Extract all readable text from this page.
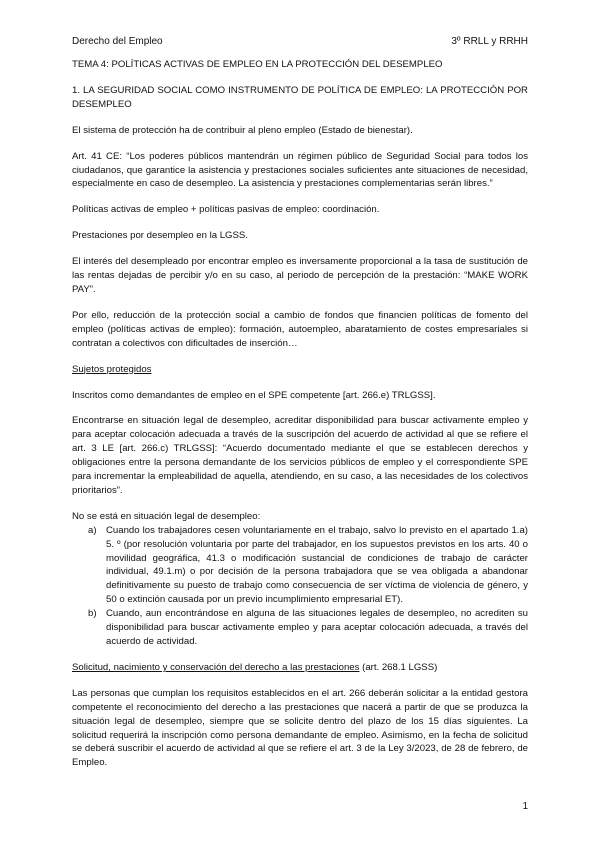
Derecho del Empleo	3º RRLL y RRHH

TEMA 4: POLÍTICAS ACTIVAS DE EMPLEO EN LA PROTECCIÓN DEL DESEMPLEO

1. LA SEGURIDAD SOCIAL COMO INSTRUMENTO DE POLÍTICA DE EMPLEO: LA PROTECCIÓN POR DESEMPLEO

El sistema de protección ha de contribuir al pleno empleo (Estado de bienestar).

Art. 41 CE: “Los poderes públicos mantendrán un régimen público de Seguridad Social para todos los ciudadanos, que garantice la asistencia y prestaciones sociales suficientes ante situaciones de necesidad, especialmente en caso de desempleo. La asistencia y prestaciones complementarias serán libres.”

Políticas activas de empleo + políticas pasivas de empleo: coordinación.

Prestaciones por desempleo en la LGSS.

El interés del desempleado por encontrar empleo es inversamente proporcional a la tasa de sustitución de las rentas dejadas de percibir y/o en su caso, al periodo de percepción de la prestación: “MAKE WORK PAY”.

Por ello, reducción de la protección social a cambio de fondos que financien políticas de fomento del empleo (políticas activas de empleo): formación, autoempleo, abaratamiento de costes empresariales si contratan a colectivos con dificultades de inserción…

Sujetos protegidos

Inscritos como demandantes de empleo en el SPE competente [art. 266.e) TRLGSS].

Encontrarse en situación legal de desempleo, acreditar disponibilidad para buscar activamente empleo y para aceptar colocación adecuada a través de la suscripción del acuerdo de actividad al que se refiere el art. 3 LE [art. 266.c) TRLGSS]: “Acuerdo documentado mediante el que se establecen derechos y obligaciones entre la persona demandante de los servicios públicos de empleo y el correspondiente SPE para incrementar la empleabilidad de aquella, atendiendo, en su caso, a las necesidades de los colectivos prioritarios”.

No se está en situación legal de desempleo:

a) Cuando los trabajadores cesen voluntariamente en el trabajo, salvo lo previsto en el apartado 1.a) 5. º (por resolución voluntaria por parte del trabajador, en los supuestos previstos en los arts. 40 o movilidad geográfica, 41.3 o modificación sustancial de condiciones de trabajo de carácter individual, 49.1.m) o por decisión de la persona trabajadora que se vea obligada a abandonar definitivamente su puesto de trabajo como consecuencia de ser víctima de violencia de género, y 50 o extinción causada por un previo incumplimiento empresarial ET).
b) Cuando, aun encontrándose en alguna de las situaciones legales de desempleo, no acrediten su disponibilidad para buscar activamente empleo y para aceptar colocación adecuada, a través del acuerdo de actividad.

Solicitud, nacimiento y conservación del derecho a las prestaciones (art. 268.1 LGSS)

Las personas que cumplan los requisitos establecidos en el art. 266 deberán solicitar a la entidad gestora competente el reconocimiento del derecho a las prestaciones que nacerá a partir de que se produzca la situación legal de desempleo, siempre que se solicite dentro del plazo de los 15 días siguientes. La solicitud requerirá la inscripción como persona demandante de empleo. Asimismo, en la fecha de solicitud se deberá suscribir el acuerdo de actividad al que se refiere el art. 3 de la Ley 3/2023, de 28 de febrero, de Empleo.

1
